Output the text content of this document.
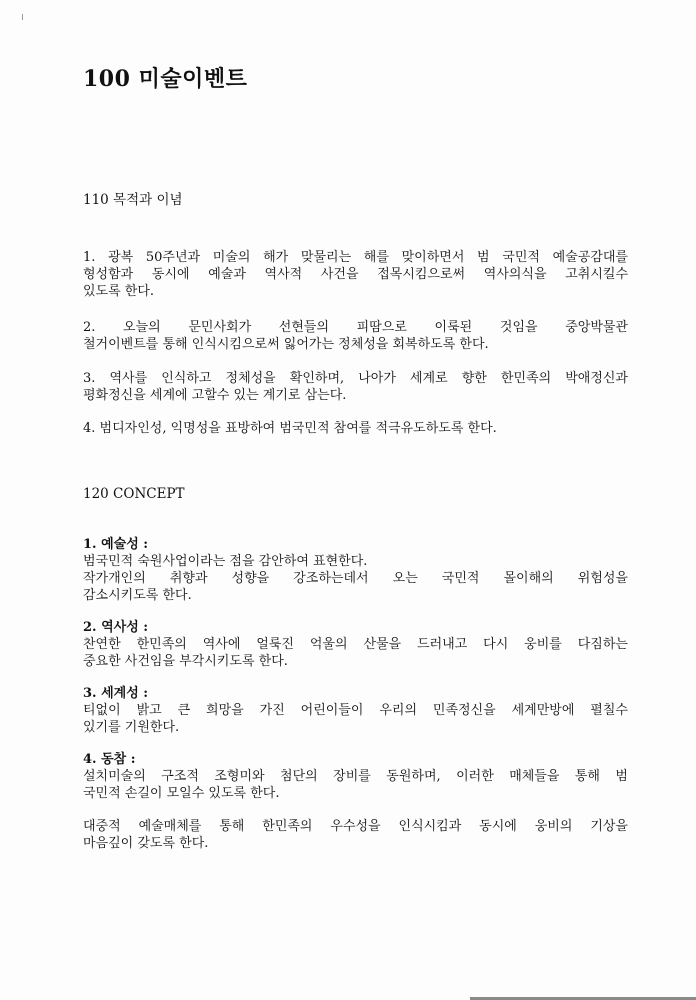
100 미술이벤트
110 목적과 이념
1. 광복 50주년과 미술의 해가 맞물리는 해를 맞이하면서 범 국민적 예술공감대를
형성함과 동시에 예술과 역사적 사건을 접목시킴으로써 역사의식을 고취시킬수
있도록 한다.
2. 오늘의 문민사회가 선현들의 피땀으로 이룩된 것임을 중앙박물관
철거이벤트를 통해 인식시킴으로써 잃어가는 정체성을 회복하도록 한다.
3. 역사를 인식하고 정체성을 확인하며, 나아가 세계로 향한 한민족의 박애정신과
평화정신을 세계에 고할수 있는 계기로 삼는다.
4. 범디자인성, 익명성을 표방하여 범국민적 참여를 적극유도하도록 한다.
120 CONCEPT
1. 예술성 :
범국민적 숙원사업이라는 점을 감안하여 표현한다.
작가개인의 취향과 성향을 강조하는데서 오는 국민적 몰이해의 위험성을
감소시키도록 한다.
2. 역사성 :
찬연한 한민족의 역사에 얼룩진 억울의 산물을 드러내고 다시 웅비를 다짐하는
중요한 사건임을 부각시키도록 한다.
3. 세계성 :
티없이 밝고 큰 희망을 가진 어린이들이 우리의 민족정신을 세계만방에 펼칠수
있기를 기원한다.
4. 동참 :
설치미술의 구조적 조형미와 첨단의 장비를 동원하며, 이러한 매체들을 통해 범
국민적 손길이 모일수 있도록 한다.
대중적 예술매체를 통해 한민족의 우수성을 인식시킴과 동시에 웅비의 기상을
마음깊이 갖도록 한다.
